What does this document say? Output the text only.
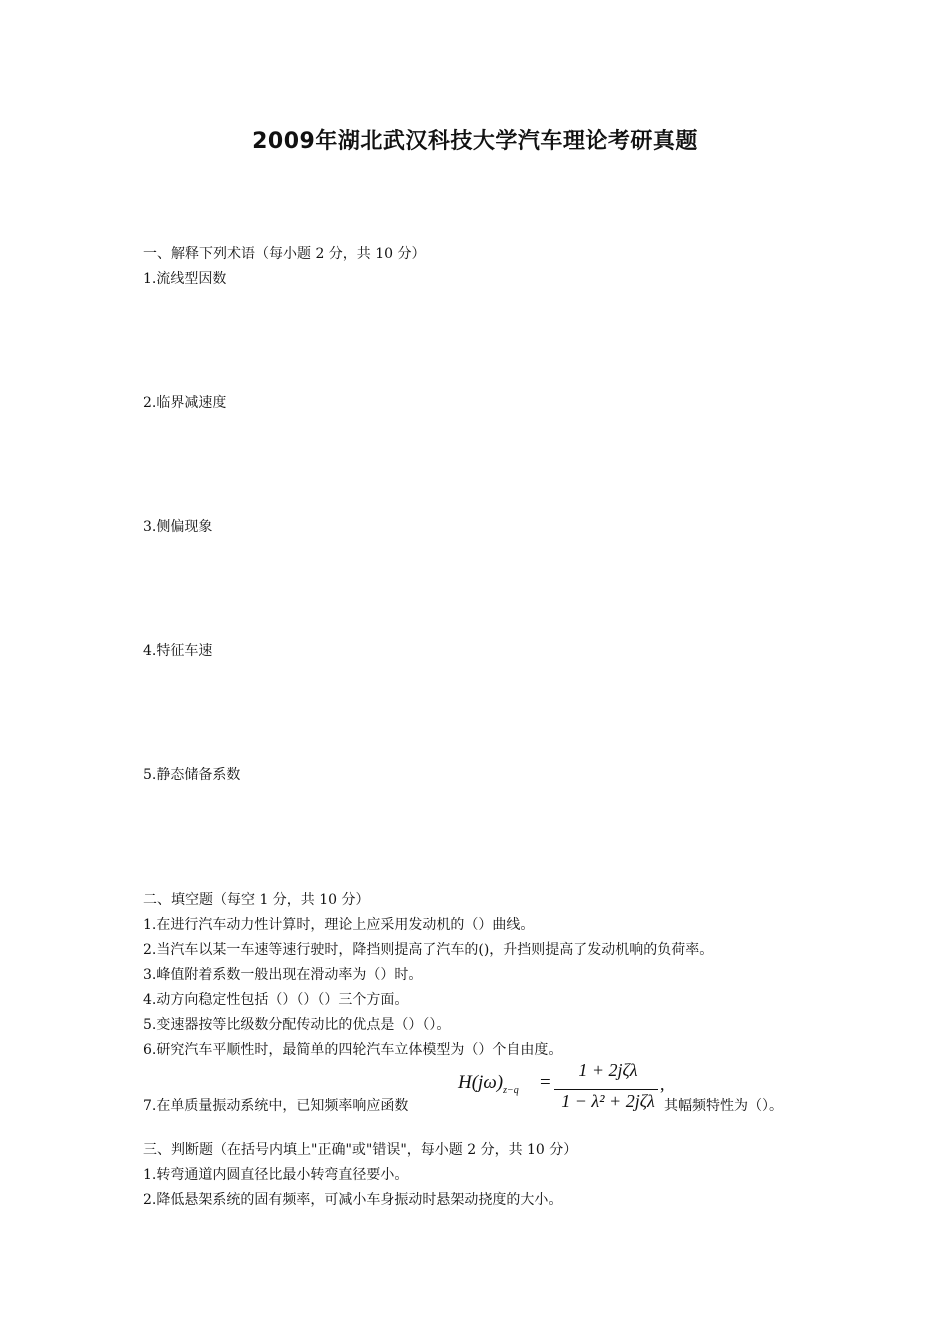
2009年湖北武汉科技大学汽车理论考研真题
一、解释下列术语（每小题 2 分，共 10 分）
1.流线型因数
2.临界减速度
3.侧偏现象
4.特征车速
5.静态储备系数
二、填空题（每空 1 分，共 10 分）
1.在进行汽车动力性计算时，理论上应采用发动机的（）曲线。
2.当汽车以某一车速等速行驶时，降挡则提高了汽车的()，升挡则提高了发动机响的负荷率。
3.峰值附着系数一般出现在滑动率为（）时。
4.动方向稳定性包括（）（）（）三个方面。
5.变速器按等比级数分配传动比的优点是（）（）。
6.研究汽车平顺性时，最简单的四轮汽车立体模型为（）个自由度。
7.在单质量振动系统中，已知频率响应函数
$H(j\omega)_{z-q}$ =
1 + 2jζλ
1 − λ² + 2jζλ
,
其幅频特性为（）。
三、判断题（在括号内填上"正确"或"错误"，每小题 2 分，共 10 分）
1.转弯通道内圆直径比最小转弯直径要小。
2.降低悬架系统的固有频率，可减小车身振动时悬架动挠度的大小。
